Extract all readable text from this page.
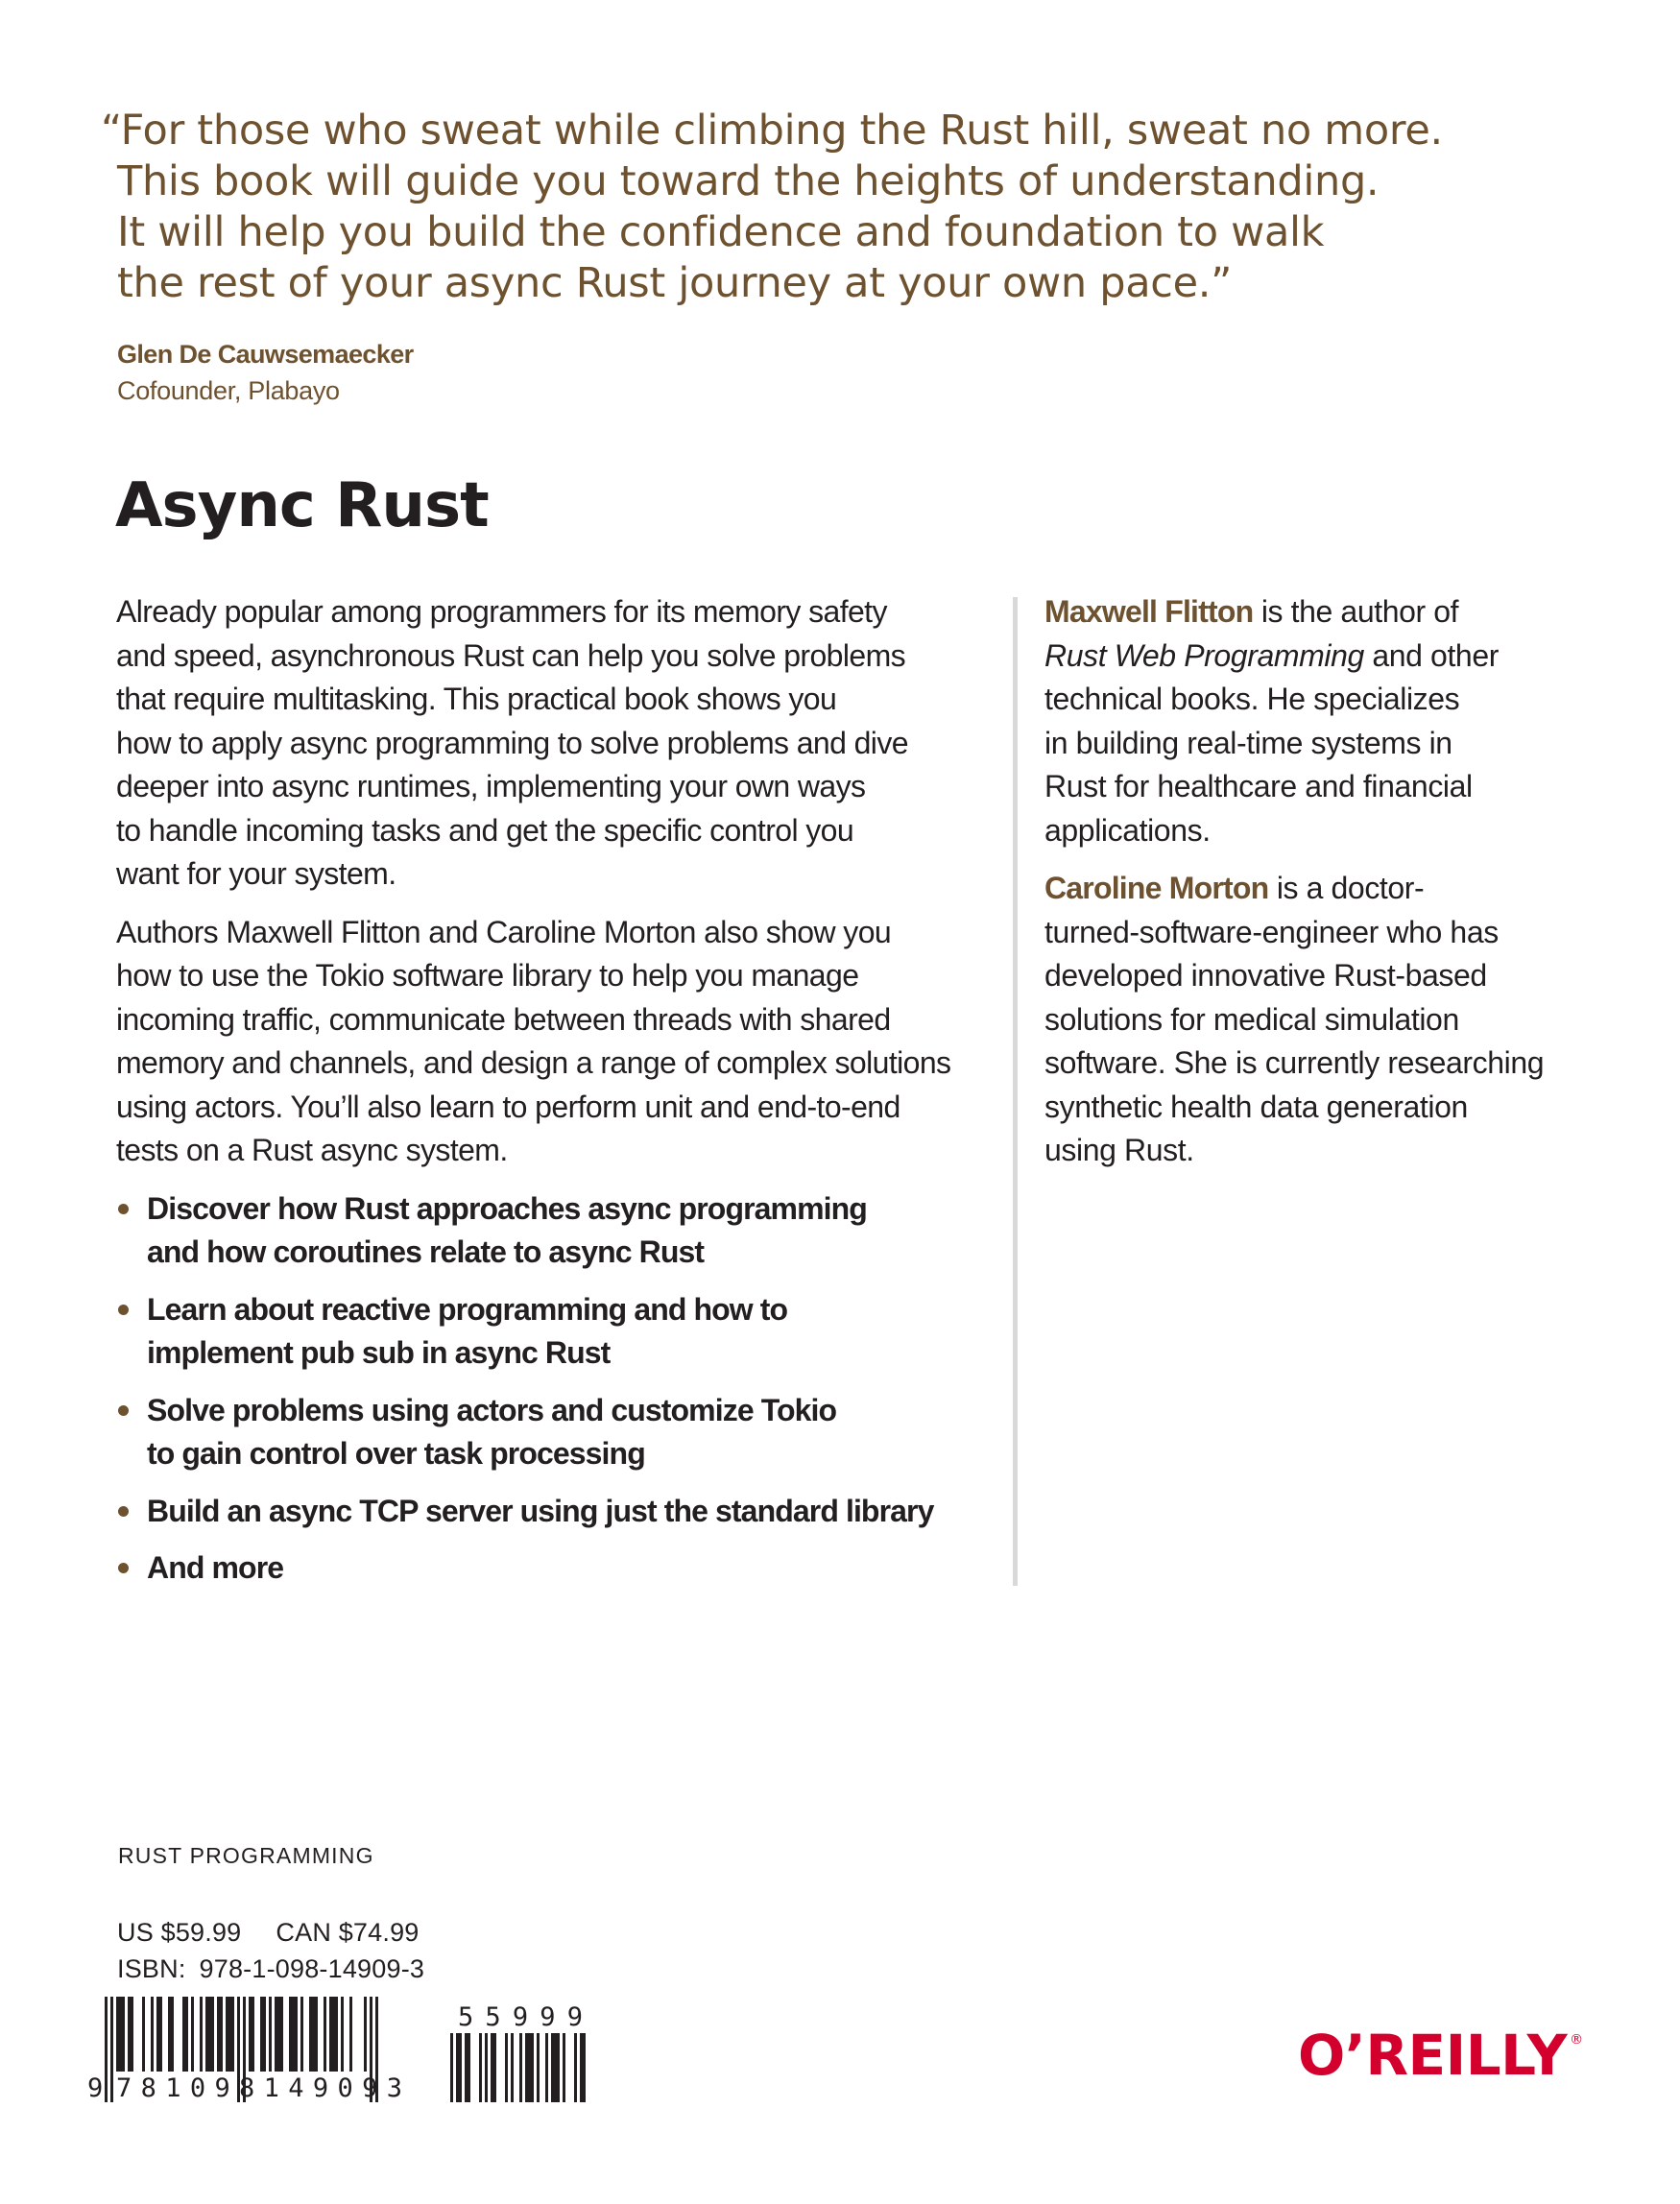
“For those who sweat while climbing the Rust hill, sweat no more.
This book will guide you toward the heights of understanding.
It will help you build the confidence and foundation to walk
the rest of your async Rust journey at your own pace.”
Glen De Cauwsemaecker
Cofounder, Plabayo
Async Rust

Already popular among programmers for its memory safety
and speed, asynchronous Rust can help you solve problems
that require multitasking. This practical book shows you
how to apply async programming to solve problems and dive
deeper into async runtimes, implementing your own ways
to handle incoming tasks and get the specific control you
want for your system.

Authors Maxwell Flitton and Caroline Morton also show you
how to use the Tokio software library to help you manage
incoming traffic, communicate between threads with shared
memory and channels, and design a range of complex solutions
using actors. You’ll also learn to perform unit and end-to-end
tests on a Rust async system.

Discover how Rust approaches async programming
and how coroutines relate to async Rust
Learn about reactive programming and how to
implement pub sub in async Rust
Solve problems using actors and customize Tokio
to gain control over task processing
Build an async TCP server using just the standard library
And more

Maxwell Flitton is the author of
Rust Web Programming and other
technical books. He specializes
in building real-time systems in
Rust for healthcare and financial
applications.

Caroline Morton is a doctor-
turned-software-engineer who has
developed innovative Rust-based
solutions for medical simulation
software. She is currently researching
synthetic health data generation
using Rust.

RUST PROGRAMMING
US $59.99 CAN $74.99
ISBN: 978-1-098-14909-3
9 781098149093
55999
O’REILLY ®
